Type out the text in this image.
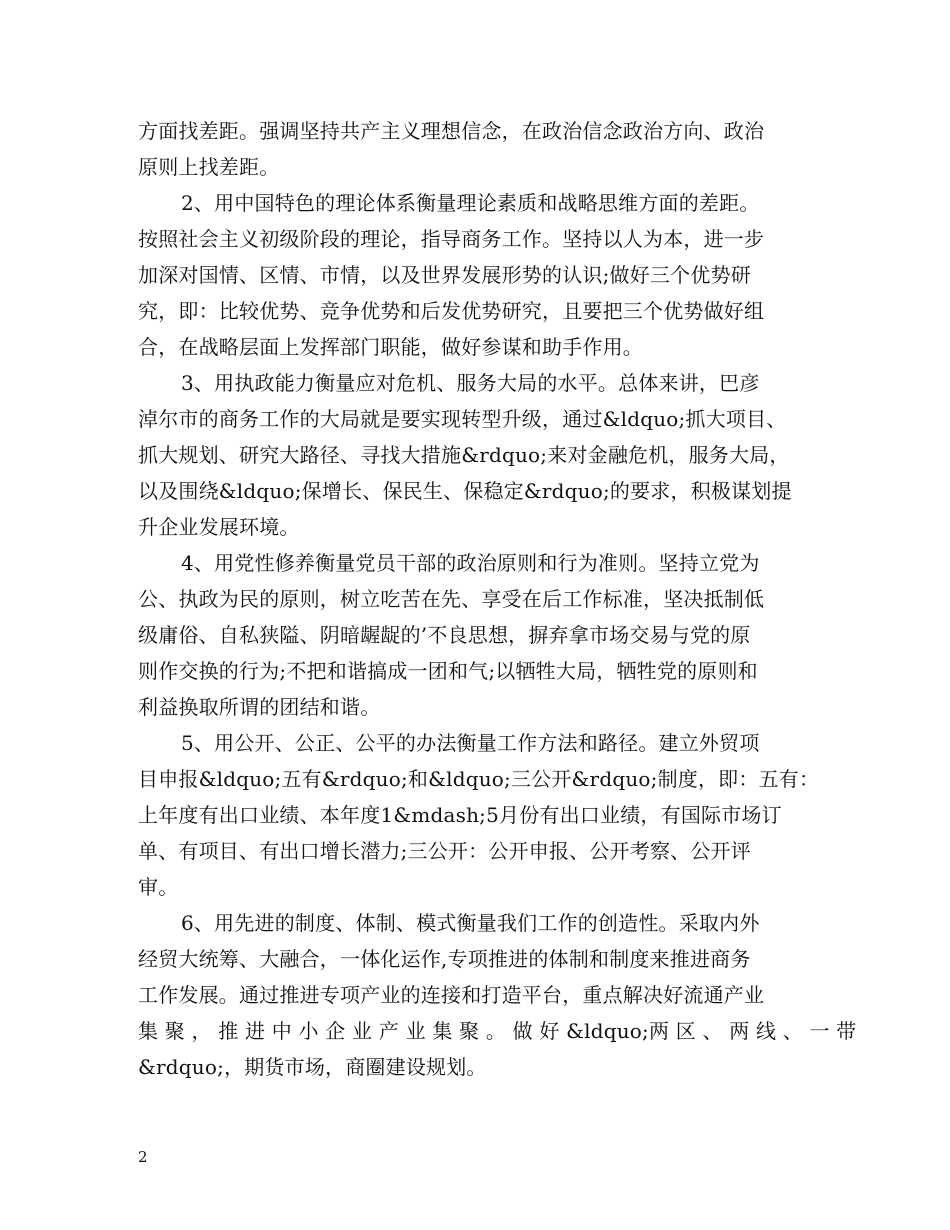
方面找差距。强调坚持共产主义理想信念，在政治信念政治方向、政治

原则上找差距。

2、用中国特色的理论体系衡量理论素质和战略思维方面的差距。

按照社会主义初级阶段的理论，指导商务工作。坚持以人为本，进一步

加深对国情、区情、市情，以及世界发展形势的认识;做好三个优势研

究，即：比较优势、竞争优势和后发优势研究，且要把三个优势做好组

合，在战略层面上发挥部门职能，做好参谋和助手作用。

3、用执政能力衡量应对危机、服务大局的水平。总体来讲，巴彦

淖尔市的商务工作的大局就是要实现转型升级，通过&ldquo;抓大项目、

抓大规划、研究大路径、寻找大措施&rdquo;来对金融危机，服务大局，

以及围绕&ldquo;保增长、保民生、保稳定&rdquo;的要求，积极谋划提

升企业发展环境。

4、用党性修养衡量党员干部的政治原则和行为准则。坚持立党为

公、执政为民的原则，树立吃苦在先、享受在后工作标准，坚决抵制低

级庸俗、自私狭隘、阴暗龌龊的’不良思想，摒弃拿市场交易与党的原

则作交换的行为;不把和谐搞成一团和气;以牺牲大局，牺牲党的原则和

利益换取所谓的团结和谐。

5、用公开、公正、公平的办法衡量工作方法和路径。建立外贸项

目申报&ldquo;五有&rdquo;和&ldquo;三公开&rdquo;制度，即：五有：

上年度有出口业绩、本年度1&mdash;5月份有出口业绩，有国际市场订

单、有项目、有出口增长潜力;三公开：公开申报、公开考察、公开评

审。

6、用先进的制度、体制、模式衡量我们工作的创造性。采取内外

经贸大统筹、大融合，一体化运作,专项推进的体制和制度来推进商务

工作发展。通过推进专项产业的连接和打造平台，重点解决好流通产业

集 聚 ， 推 进 中 小 企 业 产 业 集 聚 。 做 好 &ldquo;两 区 、 两 线 、 一 带

&rdquo;，期货市场，商圈建设规划。

2
